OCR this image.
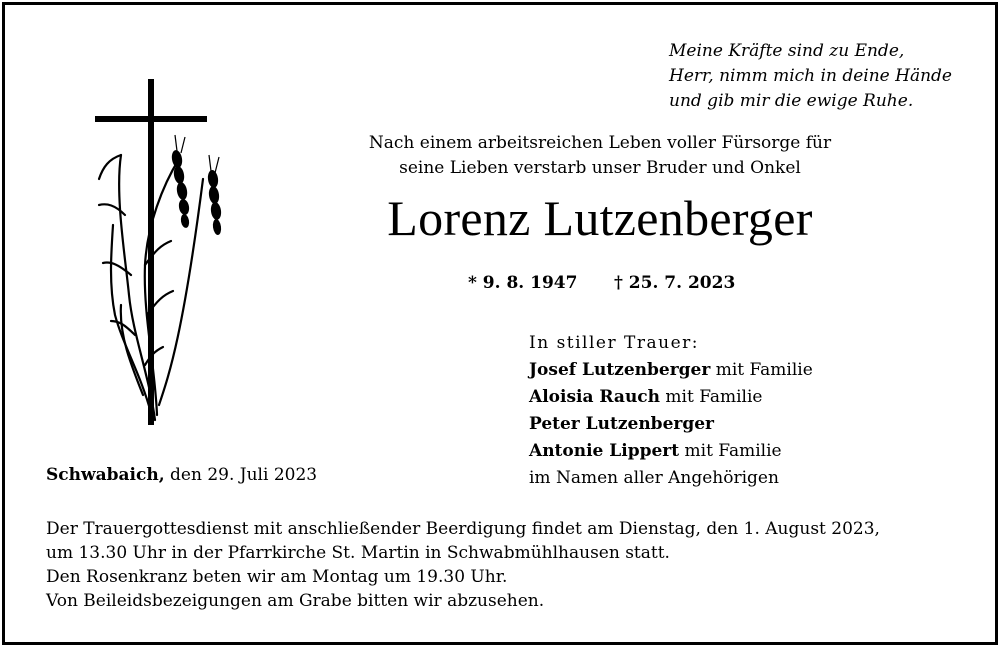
Meine Kräfte sind zu Ende,
Herr, nimm mich in deine Hände
und gib mir die ewige Ruhe.
Nach einem arbeitsreichen Leben voller Fürsorge für
seine Lieben verstarb unser Bruder und Onkel
Lorenz Lutzenberger
* 9. 8. 1947 † 25. 7. 2023
In stiller Trauer:
Josef Lutzenberger mit Familie
Aloisia Rauch mit Familie
Peter Lutzenberger
Antonie Lippert mit Familie
im Namen aller Angehörigen
Schwabaich, den 29. Juli 2023
Der Trauergottesdienst mit anschließender Beerdigung findet am Dienstag, den 1. August 2023,
um 13.30 Uhr in der Pfarrkirche St. Martin in Schwabmühlhausen statt.
Den Rosenkranz beten wir am Montag um 19.30 Uhr.
Von Beileidsbezeigungen am Grabe bitten wir abzusehen.
